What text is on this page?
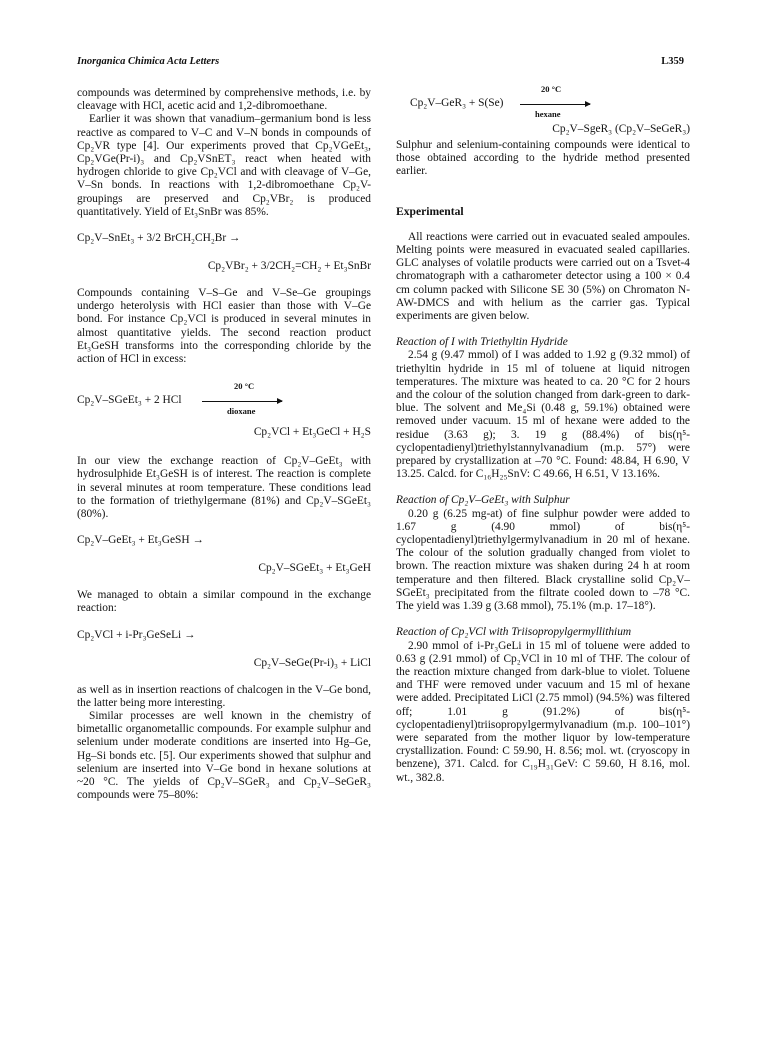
Inorganica Chimica Acta Letters	L359

compounds was determined by comprehensive methods, i.e. by cleavage with HCl, acetic acid and 1,2-dibromoethane.

Earlier it was shown that vanadium–germanium bond is less reactive as compared to V–C and V–N bonds in compounds of Cp₂VR type [4]. Our experiments proved that Cp₂VGeEt₃, Cp₂VGe(Pr-i)₃ and Cp₂VSnET₃ react when heated with hydrogen chloride to give Cp₂VCl and with cleavage of V–Ge, V–Sn bonds. In reactions with 1,2-dibromoethane Cp₂V-groupings are preserved and Cp₂VBr₂ is produced quantitatively. Yield of Et₃SnBr was 85%.

Cp₂V–SnEt₃ + 3/2 BrCH₂CH₂Br →
Cp₂VBr₂ + 3/2CH₂=CH₂ + Et₃SnBr

Compounds containing V–S–Ge and V–Se–Ge groupings undergo heterolysis with HCl easier than those with V–Ge bond. For instance Cp₂VCl is produced in several minutes in almost quantitative yields. The second reaction product Et₃GeSH transforms into the corresponding chloride by the action of HCl in excess:

Cp₂V–SGeEt₃ + 2 HCl
20 °C
dioxane
Cp₂VCl + Et₃GeCl + H₂S

In our view the exchange reaction of Cp₂V–GeEt₃ with hydrosulphide Et₃GeSH is of interest. The reaction is complete in several minutes at room temperature. These conditions lead to the formation of triethylgermane (81%) and Cp₂V–SGeEt₃ (80%).

Cp₂V–GeEt₃ + Et₃GeSH →
Cp₂V–SGeEt₃ + Et₃GeH

We managed to obtain a similar compound in the exchange reaction:

Cp₂VCl + i-Pr₃GeSeLi →
Cp₂V–SeGe(Pr-i)₃ + LiCl

as well as in insertion reactions of chalcogen in the V–Ge bond, the latter being more interesting.

Similar processes are well known in the chemistry of bimetallic organometallic compounds. For example sulphur and selenium under moderate conditions are inserted into Hg–Ge, Hg–Si bonds etc. [5]. Our experiments showed that sulphur and selenium are inserted into V–Ge bond in hexane solutions at ~20 °C. The yields of Cp₂V–SGeR₃ and Cp₂V–SeGeR₃ compounds were 75–80%:

Cp₂V–GeR₃ + S(Se)
20 °C
hexane
Cp₂V–SgeR₃ (Cp₂V–SeGeR₃)

Sulphur and selenium-containing compounds were identical to those obtained according to the hydride method presented earlier.

Experimental

All reactions were carried out in evacuated sealed ampoules. Melting points were measured in evacuated sealed capillaries. GLC analyses of volatile products were carried out on a Tsvet-4 chromatograph with a catharometer detector using a 100 × 0.4 cm column packed with Silicone SE 30 (5%) on Chromaton N-AW-DMCS and with helium as the carrier gas. Typical experiments are given below.

Reaction of I with Triethyltin Hydride

2.54 g (9.47 mmol) of I was added to 1.92 g (9.32 mmol) of triethyltin hydride in 15 ml of toluene at liquid nitrogen temperatures. The mixture was heated to ca. 20 °C for 2 hours and the colour of the solution changed from dark-green to dark-blue. The solvent and Me₄Si (0.48 g, 59.1%) obtained were removed under vacuum. 15 ml of hexane were added to the residue (3.63 g); 3. 19 g (88.4%) of bis(η⁵-cyclopentadienyl)triethylstannylvanadium (m.p. 57°) were prepared by crystallization at –70 °C. Found: 48.84, H 6.90, V 13.25. Calcd. for C₁₆H₂₅SnV: C 49.66, H 6.51, V 13.16%.

Reaction of Cp₂V–GeEt₃ with Sulphur

0.20 g (6.25 mg-at) of fine sulphur powder were added to 1.67 g (4.90 mmol) of bis(η⁵-cyclopentadienyl)triethylgermylvanadium in 20 ml of hexane. The colour of the solution gradually changed from violet to brown. The reaction mixture was shaken during 24 h at room temperature and then filtered. Black crystalline solid Cp₂V–SGeEt₃ precipitated from the filtrate cooled down to –78 °C. The yield was 1.39 g (3.68 mmol), 75.1% (m.p. 17–18°).

Reaction of Cp₂VCl with Triisopropylgermyllithium

2.90 mmol of i-Pr₃GeLi in 15 ml of toluene were added to 0.63 g (2.91 mmol) of Cp₂VCl in 10 ml of THF. The colour of the reaction mixture changed from dark-blue to violet. Toluene and THF were removed under vacuum and 15 ml of hexane were added. Precipitated LiCl (2.75 mmol) (94.5%) was filtered off; 1.01 g (91.2%) of bis(η⁵-cyclopentadienyl)triisopropylgermylvanadium (m.p. 100–101°) were separated from the mother liquor by low-temperature crystallization. Found: C 59.90, H. 8.56; mol. wt. (cryoscopy in benzene), 371. Calcd. for C₁₉H₃₁GeV: C 59.60, H 8.16, mol. wt., 382.8.
